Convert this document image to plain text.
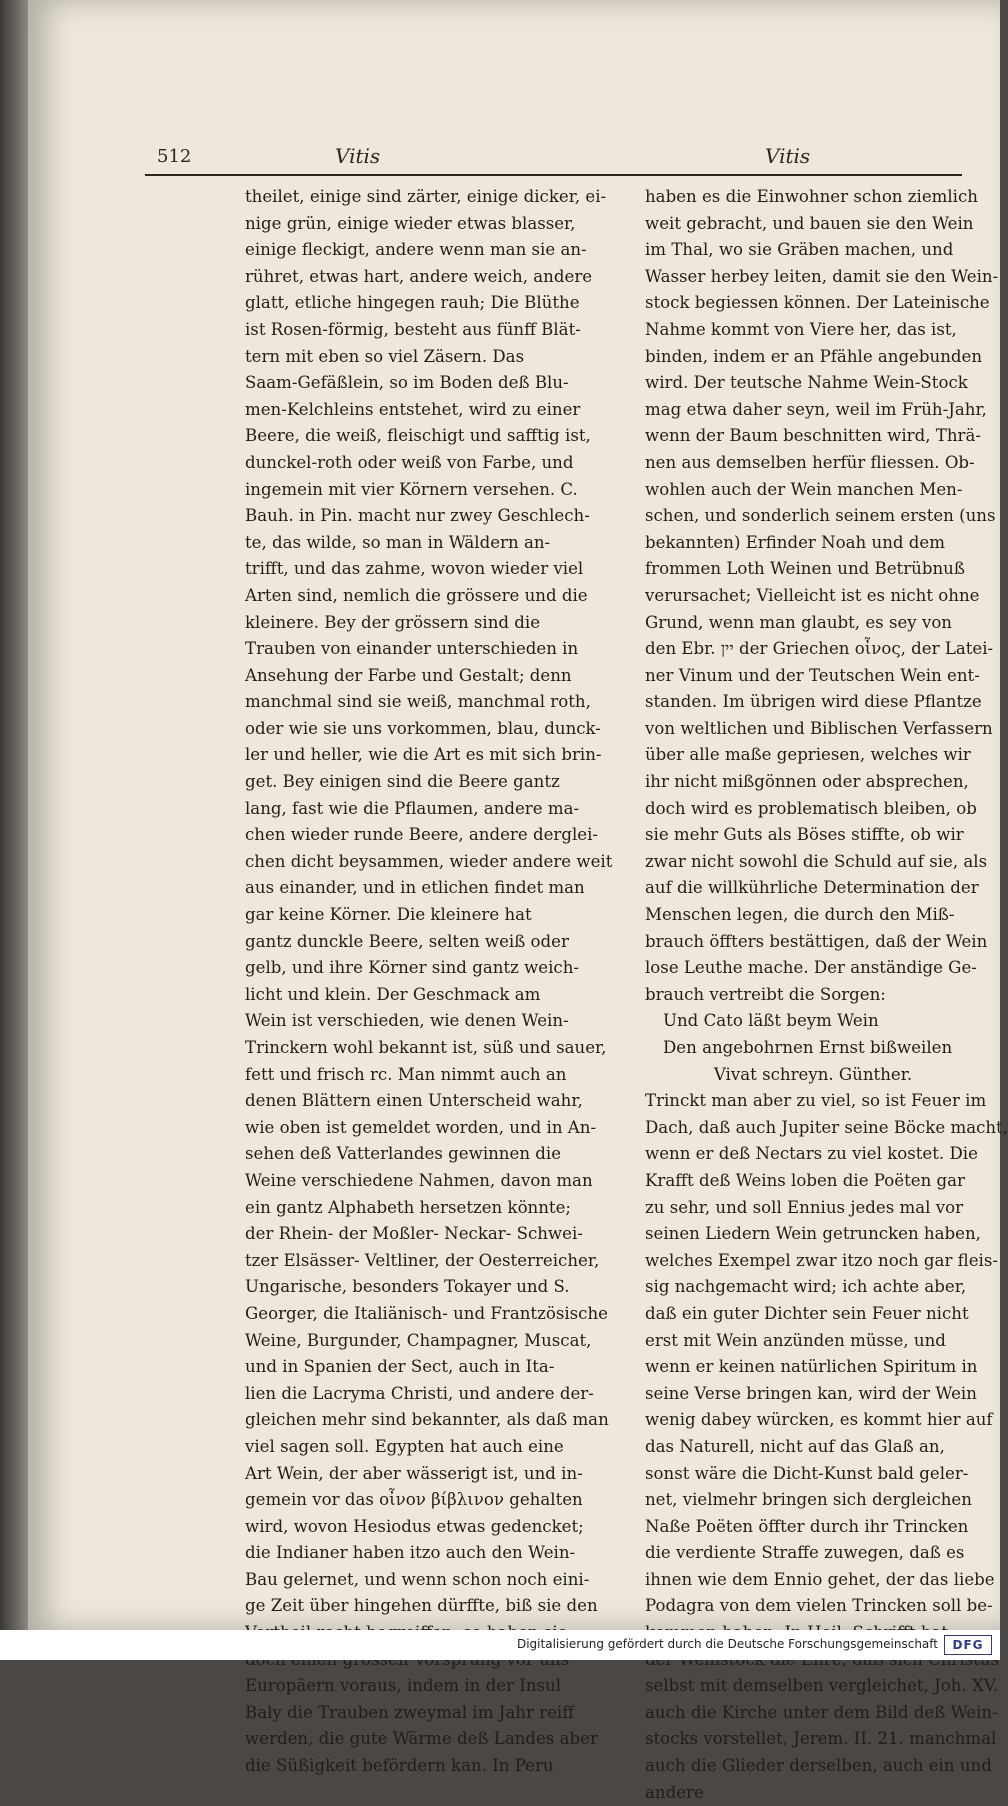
512	Vitis	Vitis
theilet, einige sind zärter, einige dicker, ei-
nige grün, einige wieder etwas blasser,
einige fleckigt, andere wenn man sie an-
rühret, etwas hart, andere weich, andere
glatt, etliche hingegen rauh; Die Blüthe
ist Rosen-förmig, besteht aus fünff Blät-
tern mit eben so viel Zäsern. Das
Saam-Gefäßlein, so im Boden deß Blu-
men-Kelchleins entstehet, wird zu einer
Beere, die weiß, fleischigt und safftig ist,
dunckel-roth oder weiß von Farbe, und
ingemein mit vier Körnern versehen. C.
Bauh. in Pin. macht nur zwey Geschlech-
te, das wilde, so man in Wäldern an-
trifft, und das zahme, wovon wieder viel
Arten sind, nemlich die grössere und die
kleinere. Bey der grössern sind die
Trauben von einander unterschieden in
Ansehung der Farbe und Gestalt; denn
manchmal sind sie weiß, manchmal roth,
oder wie sie uns vorkommen, blau, dunck-
ler und heller, wie die Art es mit sich brin-
get. Bey einigen sind die Beere gantz
lang, fast wie die Pflaumen, andere ma-
chen wieder runde Beere, andere derglei-
chen dicht beysammen, wieder andere weit
aus einander, und in etlichen findet man
gar keine Körner. Die kleinere hat
gantz dunckle Beere, selten weiß oder
gelb, und ihre Körner sind gantz weich-
licht und klein. Der Geschmack am
Wein ist verschieden, wie denen Wein-
Trinckern wohl bekannt ist, süß und sauer,
fett und frisch rc. Man nimmt auch an
denen Blättern einen Unterscheid wahr,
wie oben ist gemeldet worden, und in An-
sehen deß Vatterlandes gewinnen die
Weine verschiedene Nahmen, davon man
ein gantz Alphabeth hersetzen könnte;
der Rhein- der Moßler- Neckar- Schwei-
tzer Elsässer- Veltliner, der Oesterreicher,
Ungarische, besonders Tokayer und S.
Georger, die Italiänisch- und Frantzösische
Weine, Burgunder, Champagner, Muscat,
und in Spanien der Sect, auch in Ita-
lien die Lacryma Christi, und andere der-
gleichen mehr sind bekannter, als daß man
viel sagen soll. Egypten hat auch eine
Art Wein, der aber wässerigt ist, und in-
gemein vor das οἶνον βίβλινον gehalten
wird, wovon Hesiodus etwas gedencket;
die Indianer haben itzo auch den Wein-
Bau gelernet, und wenn schon noch eini-
ge Zeit über hingehen dürffte, biß sie den
Europäern voraus, indem in der Insul
Baly die Trauben zweymal im Jahr reiff
werden, die gute Wärme deß Landes aber
die Süßigkeit befördern kan. In Peru
haben es die Einwohner schon ziemlich
weit gebracht, und bauen sie den Wein
im Thal, wo sie Gräben machen, und
Wasser herbey leiten, damit sie den Wein-
stock begiessen können. Der Lateinische
Nahme kommt von Viere her, das ist,
binden, indem er an Pfähle angebunden
wird. Der teutsche Nahme Wein-Stock
mag etwa daher seyn, weil im Früh-Jahr,
wenn der Baum beschnitten wird, Thrä-
nen aus demselben herfür fliessen. Ob-
wohlen auch der Wein manchen Men-
schen, und sonderlich seinem ersten (uns
bekannten) Erfinder Noah und dem
frommen Loth Weinen und Betrübnuß
verursachet; Vielleicht ist es nicht ohne
Grund, wenn man glaubt, es sey von
den Ebr. יין der Griechen οἶνος, der Latei-
ner Vinum und der Teutschen Wein ent-
standen. Im übrigen wird diese Pflantze
von weltlichen und Biblischen Verfassern
über alle maße gepriesen, welches wir
ihr nicht mißgönnen oder absprechen,
doch wird es problematisch bleiben, ob
sie mehr Guts als Böses stiffte, ob wir
zwar nicht sowohl die Schuld auf sie, als
auf die willkührliche Determination der
Menschen legen, die durch den Miß-
brauch öffters bestättigen, daß der Wein
lose Leuthe mache. Der anständige Ge-
brauch vertreibt die Sorgen:
Und Cato läßt beym Wein
Den angebohrnen Ernst bißweilen
Vivat schreyn. Günther.
Trinckt man aber zu viel, so ist Feuer im
Dach, daß auch Jupiter seine Böcke macht,
wenn er deß Nectars zu viel kostet. Die
Krafft deß Weins loben die Poëten gar
zu sehr, und soll Ennius jedes mal vor
seinen Liedern Wein getruncken haben,
welches Exempel zwar itzo noch gar fleis-
sig nachgemacht wird; ich achte aber,
daß ein guter Dichter sein Feuer nicht
erst mit Wein anzünden müsse, und
wenn er keinen natürlichen Spiritum in
seine Verse bringen kan, wird der Wein
wenig dabey würcken, es kommt hier auf
das Naturell, nicht auf das Glaß an,
sonst wäre die Dicht-Kunst bald geler-
net, vielmehr bringen sich dergleichen
Naße Poëten öffter durch ihr Trincken
die verdiente Straffe zuwegen, daß es
ihnen wie dem Ennio gehet, der das liebe
Podagra von dem vielen Trincken soll be-
selbst mit demselben vergleichet, Joh. XV.
auch die Kirche unter dem Bild deß Wein-
stocks vorstellet, Jerem. II. 21. manchmal
auch die Glieder derselben, auch ein und
andere
Digitalisierung gefördert durch die Deutsche Forschungsgemeinschaft	DFG
